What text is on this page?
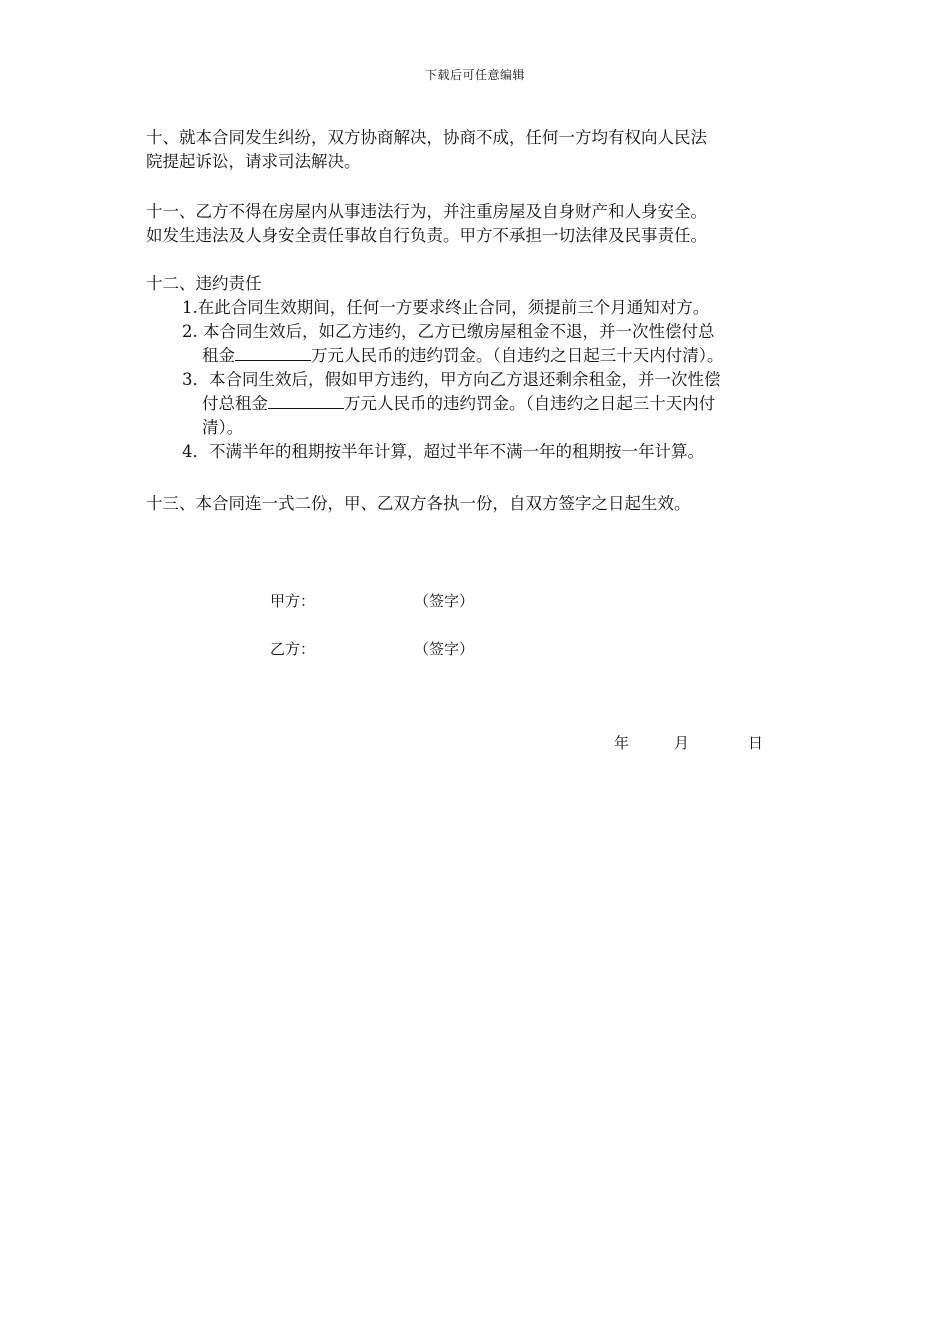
下载后可任意编辑
十、就本合同发生纠纷，双方协商解决，协商不成，任何一方均有权向人民法
院提起诉讼，请求司法解决。
十一、乙方不得在房屋内从事违法行为，并注重房屋及自身财产和人身安全。
如发生违法及人身安全责任事故自行负责。甲方不承担一切法律及民事责任。
十二、违约责任
1.在此合同生效期间，任何一方要求终止合同，须提前三个月通知对方。
2. 本合同生效后，如乙方违约，乙方已缴房屋租金不退，并一次性偿付总
租金	万元人民币的违约罚金。（自违约之日起三十天内付清）。
3．本合同生效后，假如甲方违约，甲方向乙方退还剩余租金，并一次性偿
付总租金	万元人民币的违约罚金。（自违约之日起三十天内付
清）。
4．不满半年的租期按半年计算，超过半年不满一年的租期按一年计算。
十三、本合同连一式二份，甲、乙双方各执一份，自双方签字之日起生效。
甲方：	（签字）
乙方：	（签字）
年	月	日
